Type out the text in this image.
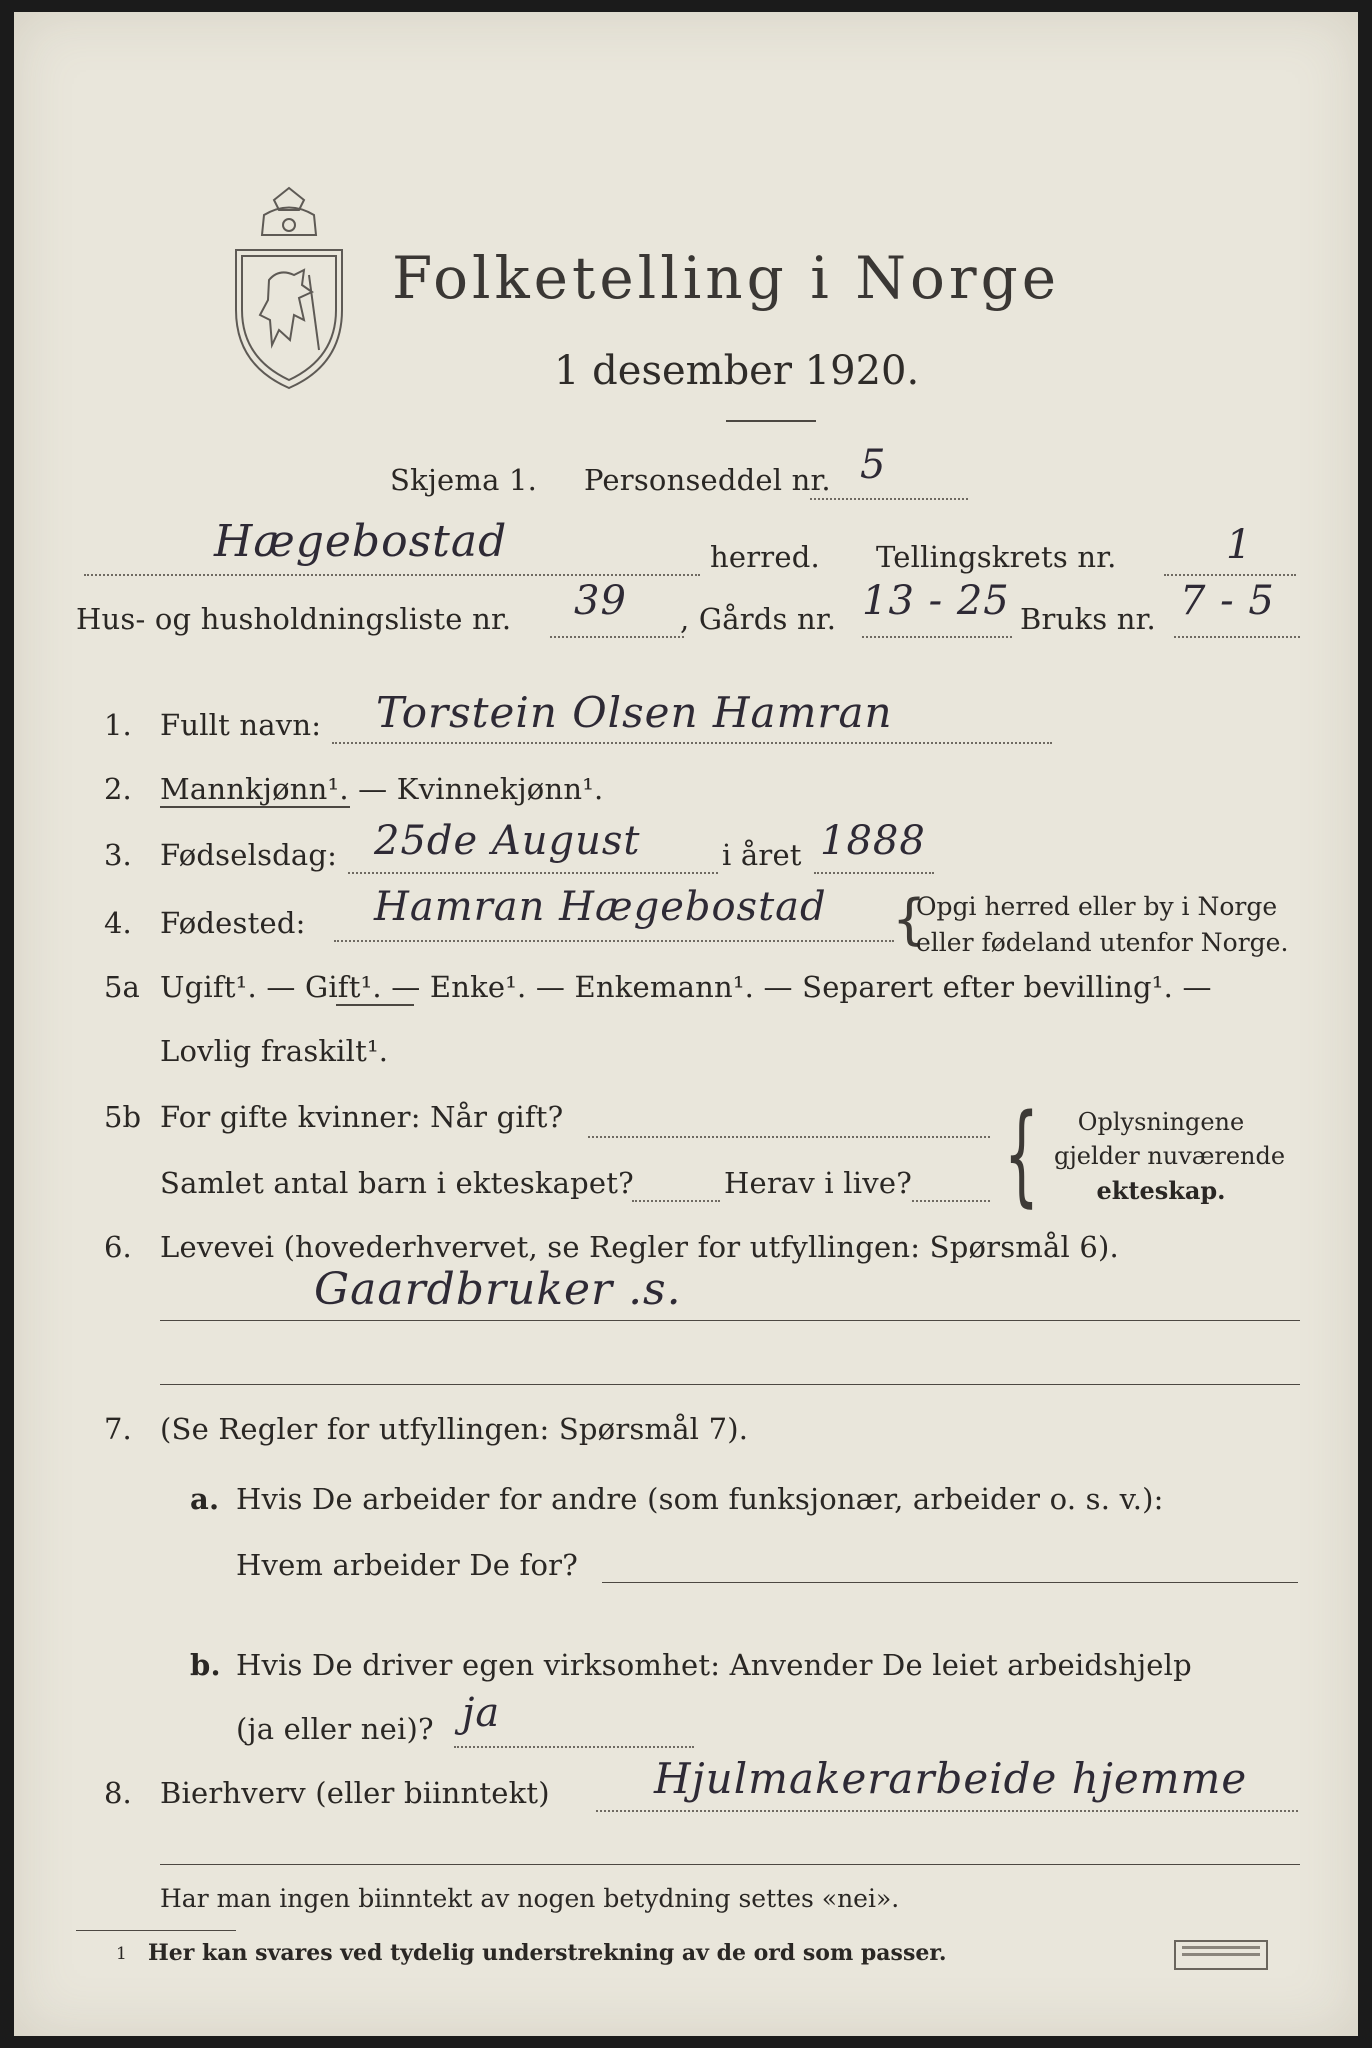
Folketelling i Norge
1 desember 1920.
Skjema 1. Personseddel nr. 5
Hægebostad	herred. Tellingskrets nr.	1
Hus- og husholdningsliste nr. 39 , Gårds nr. 13 - 25 Bruks nr. 7 - 5
1. Fullt navn: Torstein Olsen Hamran
2. Mannkjønn¹. — Kvinnekjønn¹.
3. Fødselsdag: 25de August	i året 1888
4. Fødested: Hamran Hægebostad {
Opgi herred eller by i Norge
eller fødeland utenfor Norge.
5a Ugift¹. — Gift¹. — Enke¹. — Enkemann¹. — Separert efter bevilling¹. —
Lovlig fraskilt¹.
5b For gifte kvinner: Når gift?
Samlet antal barn i ekteskapet?	Herav i live? {	Oplysningene
gjelder nuværende
ekteskap.
6. Levevei (hovederhvervet, se Regler for utfyllingen: Spørsmål 6).
Gaardbruker .s.
7. (Se Regler for utfyllingen: Spørsmål 7).
a. Hvis De arbeider for andre (som funksjonær, arbeider o. s. v.):
Hvem arbeider De for?
b. Hvis De driver egen virksomhet: Anvender De leiet arbeidshjelp
(ja eller nei)? ja
8. Bierhverv (eller biinntekt) Hjulmakerarbeide hjemme
Har man ingen biinntekt av nogen betydning settes «nei».
1 Her kan svares ved tydelig understrekning av de ord som passer.
